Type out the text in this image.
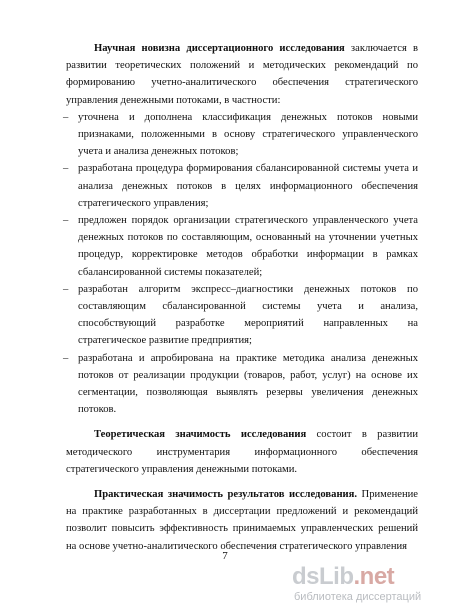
Научная новизна диссертационного исследования заключается в развитии теоретических положений и методических рекомендаций по формированию учетно-аналитического обеспечения стратегического управления денежными потоками, в частности:

– уточнена и дополнена классификация денежных потоков новыми признаками, положенными в основу стратегического управленческого учета и анализа денежных потоков;
– разработана процедура формирования сбалансированной системы учета и анализа денежных потоков в целях информационного обеспечения стратегического управления;
– предложен порядок организации стратегического управленческого учета денежных потоков по составляющим, основанный на уточнении учетных процедур, корректировке методов обработки информации в рамках сбалансированной системы показателей;
– разработан алгоритм экспресс–диагностики денежных потоков по составляющим сбалансированной системы учета и анализа, способствующий разработке мероприятий направленных на стратегическое развитие предприятия;
– разработана и апробирована на практике методика анализа денежных потоков от реализации продукции (товаров, работ, услуг) на основе их сегментации, позволяющая выявлять резервы увеличения денежных потоков.

Теоретическая значимость исследования состоит в развитии методического инструментария информационного обеспечения стратегического управления денежными потоками.

Практическая значимость результатов исследования. Применение на практике разработанных в диссертации предложений и рекомендаций позволит повысить эффективность принимаемых управленческих решений на основе учетно-аналитического обеспечения стратегического управления

7
dsLib.net
библиотека диссертаций
